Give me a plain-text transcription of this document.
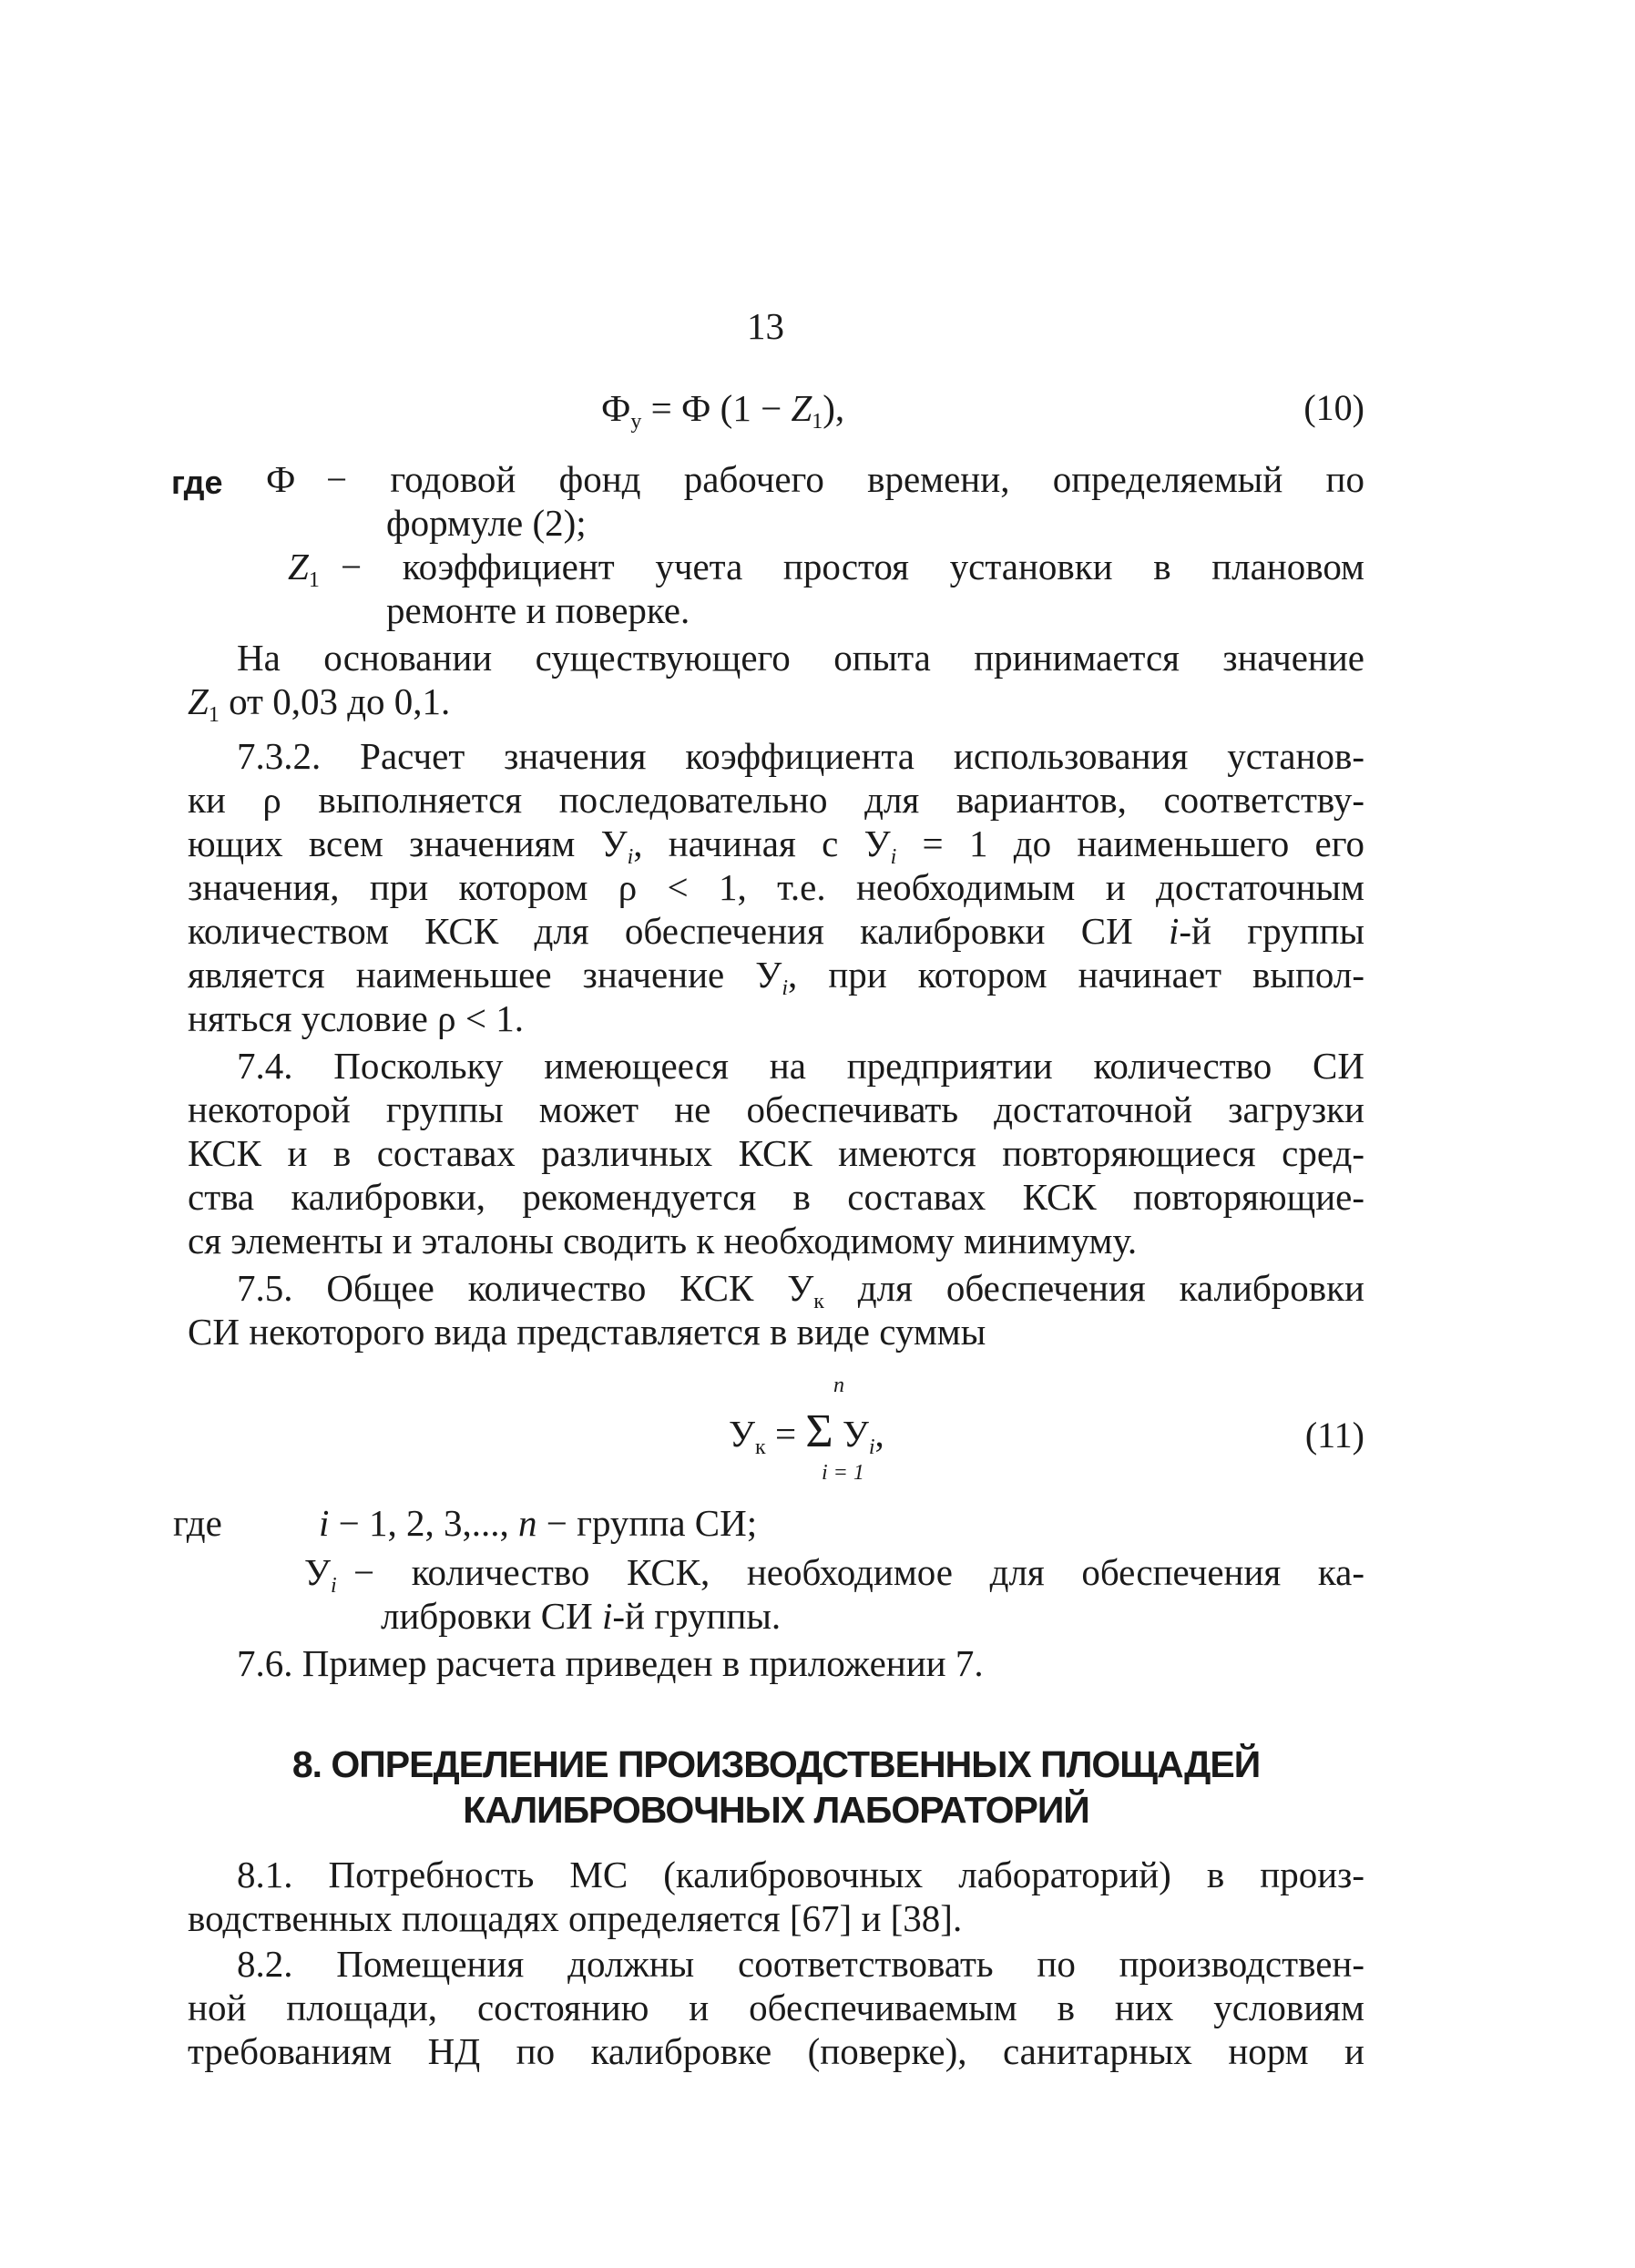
13
$Ф_у = Ф$ $(1 - Z_1)$,	(10)
где Ф − годовой фонд рабочего времени, определяемый по
формуле (2);
$Z_1$ − коэффициент учета простоя установки в плановом
ремонте и поверке.
На основании существующего опыта принимается значение
$Z_1$ от 0,03 до 0,1.
7.3.2. Расчет значения коэффициента использования установ-
ки ρ выполняется последовательно для вариантов, соответству-
ющих всем значениям $У_i$, начиная с $У_i = 1$ до наименьшего его
значения, при котором ρ < 1, т.е. необходимым и достаточным
количеством КСК для обеспечения калибровки СИ i-й группы
является наименьшее значение $У_i$, при котором начинает выпол-
няться условие ρ < 1.
7.4. Поскольку имеющееся на предприятии количество СИ
некоторой группы может не обеспечивать достаточной загрузки
КСК и в составах различных КСК имеются повторяющиеся сред-
ства калибровки, рекомендуется в составах КСК повторяющие-
ся элементы и эталоны сводить к необходимому минимуму.
7.5. Общее количество КСК $У_к$ для обеспечения калибровки
СИ некоторого вида представляется в виде суммы
n
$У_к = \Sigma$ $У_i$,
i = 1
(11)
где	i − 1, 2, 3,..., n − группа СИ;
$У_i$ − количество КСК, необходимое для обеспечения ка-
либровки СИ i-й группы.
7.6. Пример расчета приведен в приложении 7.
8. ОПРЕДЕЛЕНИЕ ПРОИЗВОДСТВЕННЫХ ПЛОЩАДЕЙ
КАЛИБРОВОЧНЫХ ЛАБОРАТОРИЙ
8.1. Потребность МС (калибровочных лабораторий) в произ-
водственных площадях определяется [67] и [38].
8.2. Помещения должны соответствовать по производствен-
ной площади, состоянию и обеспечиваемым в них условиям
требованиям НД по калибровке (поверке), санитарных норм и
